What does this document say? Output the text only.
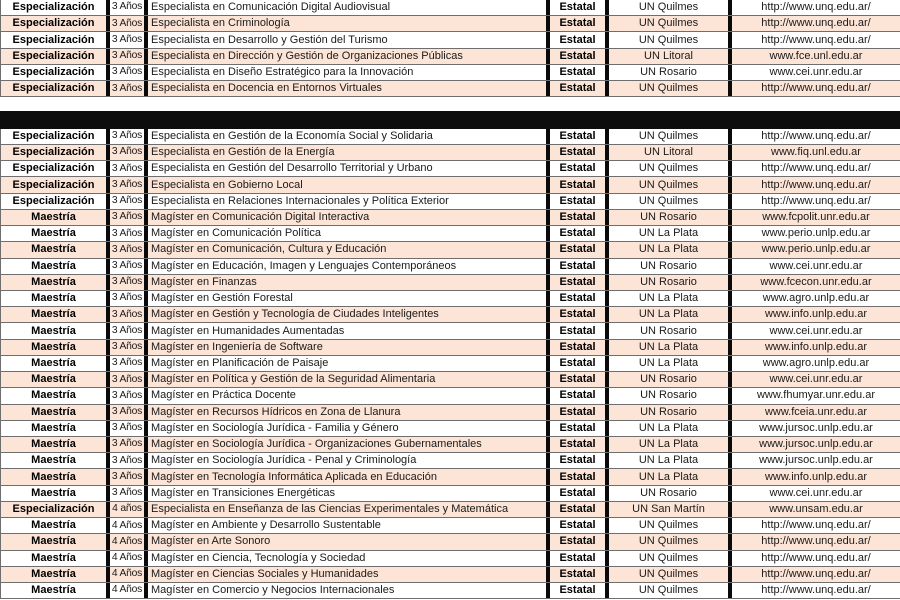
Especialización	3 Años Especialista en Comunicación Digital Audiovisual	Estatal	UN Quilmes	http://www.unq.edu.ar/
Especialización	3 Años Especialista en Criminología	Estatal	UN Quilmes	http://www.unq.edu.ar/
Especialización	3 Años Especialista en Desarrollo y Gestión del Turismo	Estatal	UN Quilmes	http://www.unq.edu.ar/
Especialización	3 Años Especialista en Dirección y Gestión de Organizaciones Públicas	Estatal	UN Litoral	www.fce.unl.edu.ar
Especialización	3 Años Especialista en Diseño Estratégico para la Innovación	Estatal	UN Rosario	www.cei.unr.edu.ar
Especialización	3 Años Especialista en Docencia en Entornos Virtuales	Estatal	UN Quilmes	http://www.unq.edu.ar/
Especialización	3 Años Especialista en Gestión de la Economía Social y Solidaria	Estatal	UN Quilmes	http://www.unq.edu.ar/
Especialización	3 Años Especialista en Gestión de la Energía	Estatal	UN Litoral	www.fiq.unl.edu.ar
Especialización	3 Años Especialista en Gestión del Desarrollo Territorial y Urbano	Estatal	UN Quilmes	http://www.unq.edu.ar/
Especialización	3 Años Especialista en Gobierno Local	Estatal	UN Quilmes	http://www.unq.edu.ar/
Especialización	3 Años Especialista en Relaciones Internacionales y Política Exterior	Estatal	UN Quilmes	http://www.unq.edu.ar/
Maestría	3 Años Magíster en Comunicación Digital Interactiva	Estatal	UN Rosario	www.fcpolit.unr.edu.ar
Maestría	3 Años Magíster en Comunicación Política	Estatal	UN La Plata	www.perio.unlp.edu.ar
Maestría	3 Años Magíster en Comunicación, Cultura y Educación	Estatal	UN La Plata	www.perio.unlp.edu.ar
Maestría	3 Años Magíster en Educación, Imagen y Lenguajes Contemporáneos	Estatal	UN Rosario	www.cei.unr.edu.ar
Maestría	3 Años Magíster en Finanzas	Estatal	UN Rosario	www.fcecon.unr.edu.ar
Maestría	3 Años Magíster en Gestión Forestal	Estatal	UN La Plata	www.agro.unlp.edu.ar
Maestría	3 Años Magíster en Gestión y Tecnología de Ciudades Inteligentes	Estatal	UN La Plata	www.info.unlp.edu.ar
Maestría	3 Años Magíster en Humanidades Aumentadas	Estatal	UN Rosario	www.cei.unr.edu.ar
Maestría	3 Años Magíster en Ingeniería de Software	Estatal	UN La Plata	www.info.unlp.edu.ar
Maestría	3 Años Magíster en Planificación de Paisaje	Estatal	UN La Plata	www.agro.unlp.edu.ar
Maestría	3 Años Magíster en Política y Gestión de la Seguridad Alimentaria	Estatal	UN Rosario	www.cei.unr.edu.ar
Maestría	3 Años Magíster en Práctica Docente	Estatal	UN Rosario	www.fhumyar.unr.edu.ar
Maestría	3 Años Magíster en Recursos Hídricos en Zona de Llanura	Estatal	UN Rosario	www.fceia.unr.edu.ar
Maestría	3 Años Magíster en Sociología Jurídica - Familia y Género	Estatal	UN La Plata	www.jursoc.unlp.edu.ar
Maestría	3 Años Magíster en Sociología Jurídica - Organizaciones Gubernamentales	Estatal	UN La Plata	www.jursoc.unlp.edu.ar
Maestría	3 Años Magíster en Sociología Jurídica - Penal y Criminología	Estatal	UN La Plata	www.jursoc.unlp.edu.ar
Maestría	3 Años Magíster en Tecnología Informática Aplicada en Educación	Estatal	UN La Plata	www.info.unlp.edu.ar
Maestría	3 Años Magíster en Transiciones Energéticas	Estatal	UN Rosario	www.cei.unr.edu.ar
Especialización	4 años Especialista en Enseñanza de las Ciencias Experimentales y Matemática	Estatal	UN San Martín	www.unsam.edu.ar
Maestría	4 Años Magíster en Ambiente y Desarrollo Sustentable	Estatal	UN Quilmes	http://www.unq.edu.ar/
Maestría	4 Años Magíster en Arte Sonoro	Estatal	UN Quilmes	http://www.unq.edu.ar/
Maestría	4 Años Magíster en Ciencia, Tecnología y Sociedad	Estatal	UN Quilmes	http://www.unq.edu.ar/
Maestría	4 Años Magíster en Ciencias Sociales y Humanidades	Estatal	UN Quilmes	http://www.unq.edu.ar/
Maestría	4 Años Magíster en Comercio y Negocios Internacionales	Estatal	UN Quilmes	http://www.unq.edu.ar/
